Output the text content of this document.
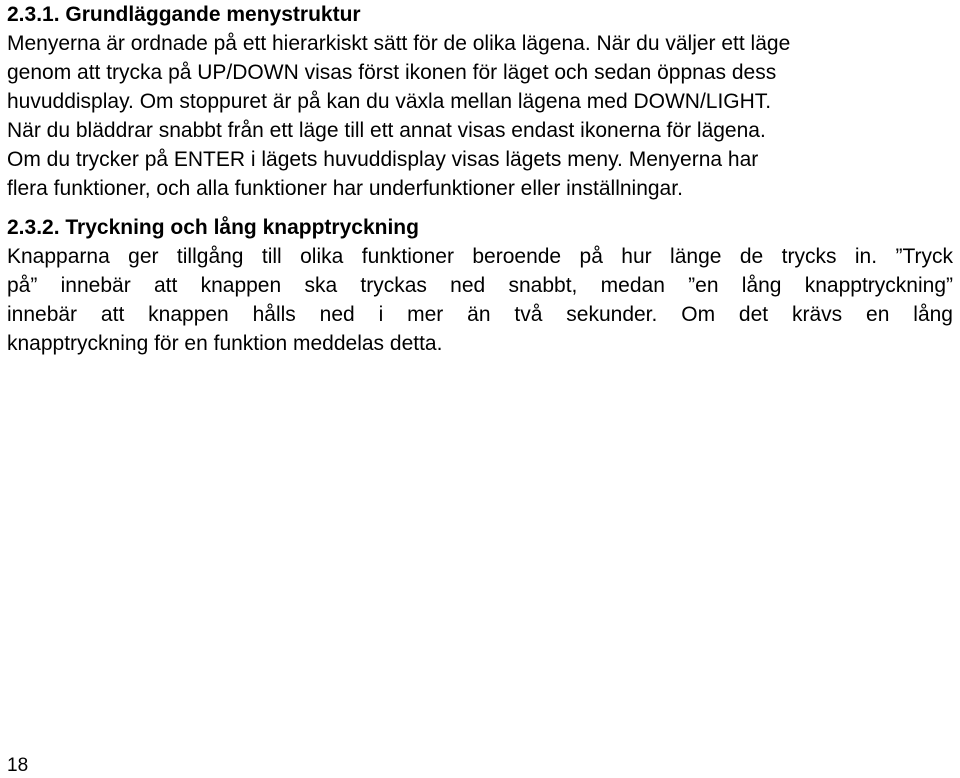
2.3.1. Grundläggande menystruktur

Menyerna är ordnade på ett hierarkiskt sätt för de olika lägena. När du väljer ett läge
genom att trycka på UP/DOWN visas först ikonen för läget och sedan öppnas dess
huvuddisplay. Om stoppuret är på kan du växla mellan lägena med DOWN/LIGHT.
När du bläddrar snabbt från ett läge till ett annat visas endast ikonerna för lägena.
Om du trycker på ENTER i lägets huvuddisplay visas lägets meny. Menyerna har
flera funktioner, och alla funktioner har underfunktioner eller inställningar.

2.3.2. Tryckning och lång knapptryckning

Knapparna ger tillgång till olika funktioner beroende på hur länge de trycks in. ”Tryck
på” innebär att knappen ska tryckas ned snabbt, medan ”en lång knapptryckning”
innebär att knappen hålls ned i mer än två sekunder. Om det krävs en lång
knapptryckning för en funktion meddelas detta.

18
